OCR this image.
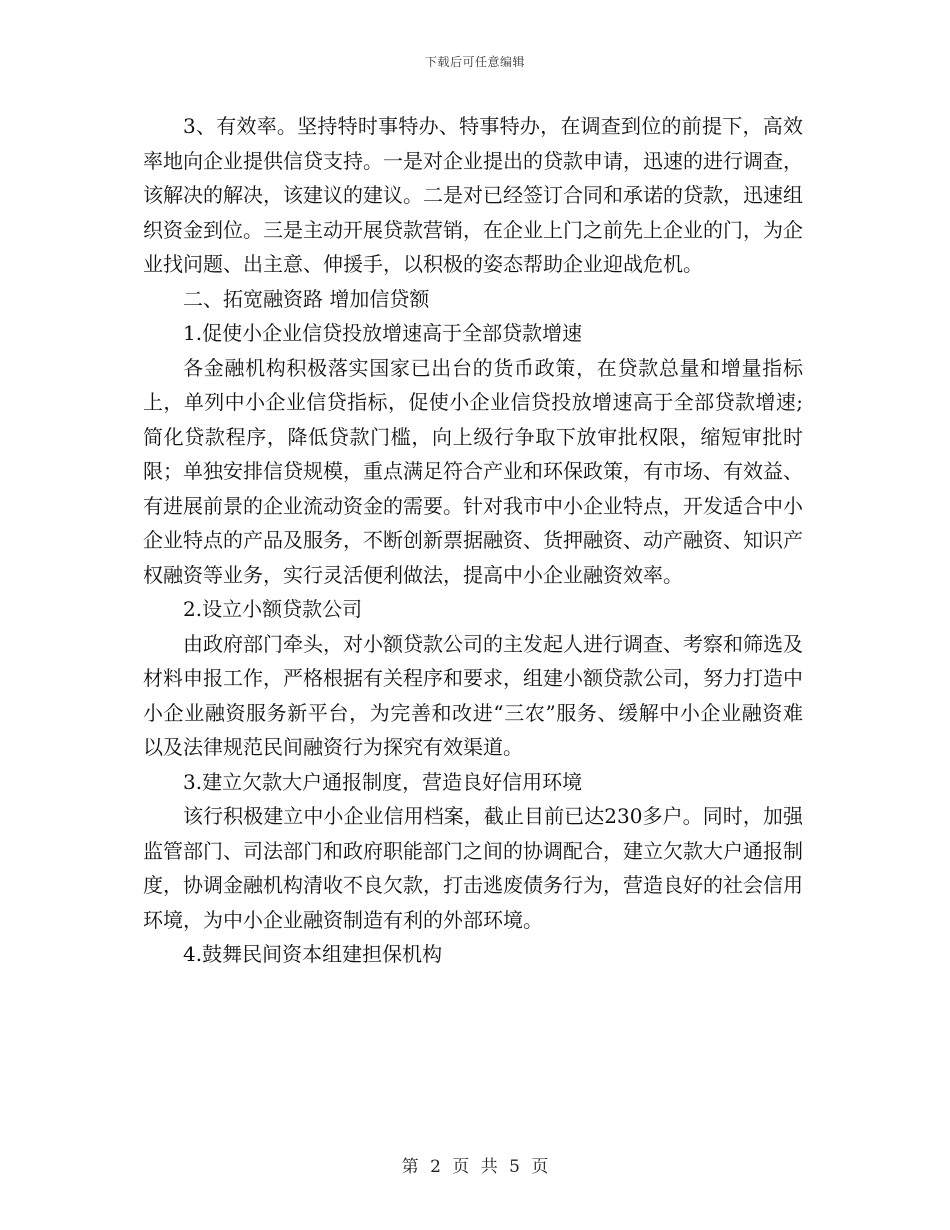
下载后可任意编辑

3、有效率。坚持特时事特办、特事特办，在调查到位的前提下，高效率地向企业提供信贷支持。一是对企业提出的贷款申请，迅速的进行调查，该解决的解决，该建议的建议。二是对已经签订合同和承诺的贷款，迅速组织资金到位。三是主动开展贷款营销，在企业上门之前先上企业的门，为企业找问题、出主意、伸援手，以积极的姿态帮助企业迎战危机。

二、拓宽融资路 增加信贷额

1.促使小企业信贷投放增速高于全部贷款增速

各金融机构积极落实国家已出台的货币政策，在贷款总量和增量指标上，单列中小企业信贷指标，促使小企业信贷投放增速高于全部贷款增速;简化贷款程序，降低贷款门槛，向上级行争取下放审批权限，缩短审批时限；单独安排信贷规模，重点满足符合产业和环保政策，有市场、有效益、有进展前景的企业流动资金的需要。针对我市中小企业特点，开发适合中小企业特点的产品及服务，不断创新票据融资、货押融资、动产融资、知识产权融资等业务，实行灵活便利做法，提高中小企业融资效率。

2.设立小额贷款公司

由政府部门牵头，对小额贷款公司的主发起人进行调查、考察和筛选及材料申报工作，严格根据有关程序和要求，组建小额贷款公司，努力打造中小企业融资服务新平台，为完善和改进“三农”服务、缓解中小企业融资难以及法律规范民间融资行为探究有效渠道。

3.建立欠款大户通报制度，营造良好信用环境

该行积极建立中小企业信用档案，截止目前已达230多户。同时，加强监管部门、司法部门和政府职能部门之间的协调配合，建立欠款大户通报制度，协调金融机构清收不良欠款，打击逃废债务行为，营造良好的社会信用环境，为中小企业融资制造有利的外部环境。

4.鼓舞民间资本组建担保机构

第 2 页 共 5 页
